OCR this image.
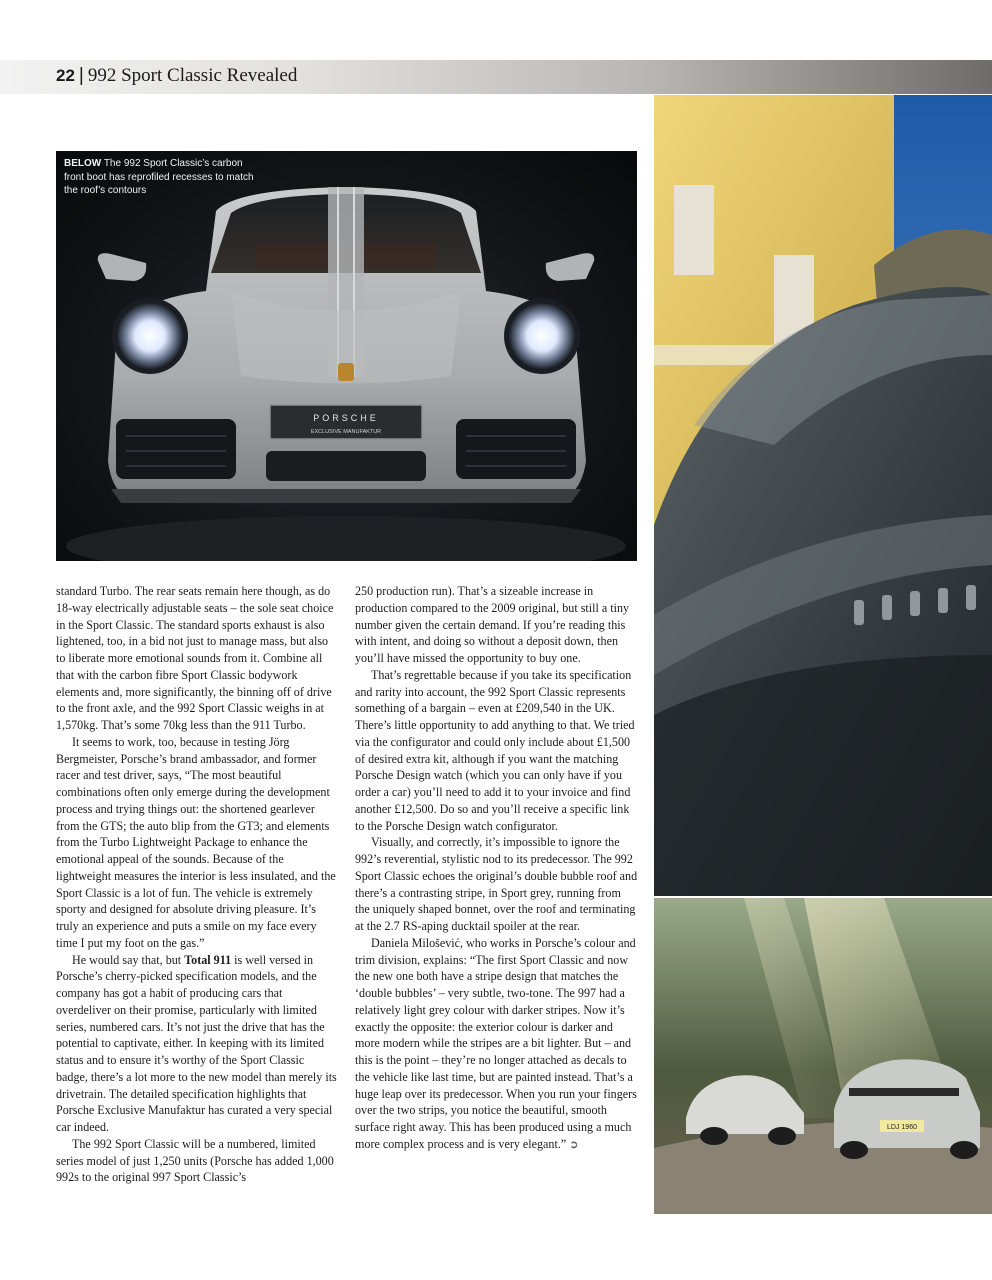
22 | 992 Sport Classic Revealed
PORSCHE
EXCLUSIVE MANUFAKTUR
BELOW The 992 Sport Classic’s carbon front boot has reprofiled recesses to match the roof’s contours
LDJ 1960

standard Turbo. The rear seats remain here though, as do 18-way electrically adjustable seats – the sole seat choice in the Sport Classic. The standard sports exhaust is also lightened, too, in a bid not just to manage mass, but also to liberate more emotional sounds from it. Combine all that with the carbon fibre Sport Classic bodywork elements and, more significantly, the binning off of drive to the front axle, and the 992 Sport Classic weighs in at 1,570kg. That’s some 70kg less than the 911 Turbo.

It seems to work, too, because in testing Jörg Bergmeister, Porsche’s brand ambassador, and former racer and test driver, says, “The most beautiful combinations often only emerge during the development process and trying things out: the shortened gearlever from the GTS; the auto blip from the GT3; and elements from the Turbo Lightweight Package to enhance the emotional appeal of the sounds. Because of the lightweight measures the interior is less insulated, and the Sport Classic is a lot of fun. The vehicle is extremely sporty and designed for absolute driving pleasure. It’s truly an experience and puts a smile on my face every time I put my foot on the gas.”

He would say that, but Total 911 is well versed in Porsche’s cherry-picked specification models, and the company has got a habit of producing cars that overdeliver on their promise, particularly with limited series, numbered cars. It’s not just the drive that has the potential to captivate, either. In keeping with its limited status and to ensure it’s worthy of the Sport Classic badge, there’s a lot more to the new model than merely its drivetrain. The detailed specification highlights that Porsche Exclusive Manufaktur has curated a very special car indeed.

The 992 Sport Classic will be a numbered, limited series model of just 1,250 units (Porsche has added 1,000 992s to the original 997 Sport Classic’s

250 production run). That’s a sizeable increase in production compared to the 2009 original, but still a tiny number given the certain demand. If you’re reading this with intent, and doing so without a deposit down, then you’ll have missed the opportunity to buy one.

That’s regrettable because if you take its specification and rarity into account, the 992 Sport Classic represents something of a bargain – even at £209,540 in the UK. There’s little opportunity to add anything to that. We tried via the configurator and could only include about £1,500 of desired extra kit, although if you want the matching Porsche Design watch (which you can only have if you order a car) you’ll need to add it to your invoice and find another £12,500. Do so and you’ll receive a specific link to the Porsche Design watch configurator.

Visually, and correctly, it’s impossible to ignore the 992’s reverential, stylistic nod to its predecessor. The 992 Sport Classic echoes the original’s double bubble roof and there’s a contrasting stripe, in Sport grey, running from the uniquely shaped bonnet, over the roof and terminating at the 2.7 RS-aping ducktail spoiler at the rear.

Daniela Milošević, who works in Porsche’s colour and trim division, explains: “The first Sport Classic and now the new one both have a stripe design that matches the ‘double bubbles’ – very subtle, two-tone. The 997 had a relatively light grey colour with darker stripes. Now it’s exactly the opposite: the exterior colour is darker and more modern while the stripes are a bit lighter. But – and this is the point – they’re no longer attached as decals to the vehicle like last time, but are painted instead. That’s a huge leap over its predecessor. When you run your fingers over the two strips, you notice the beautiful, smooth surface right away. This has been produced using a much more complex process and is very elegant.” ➲
